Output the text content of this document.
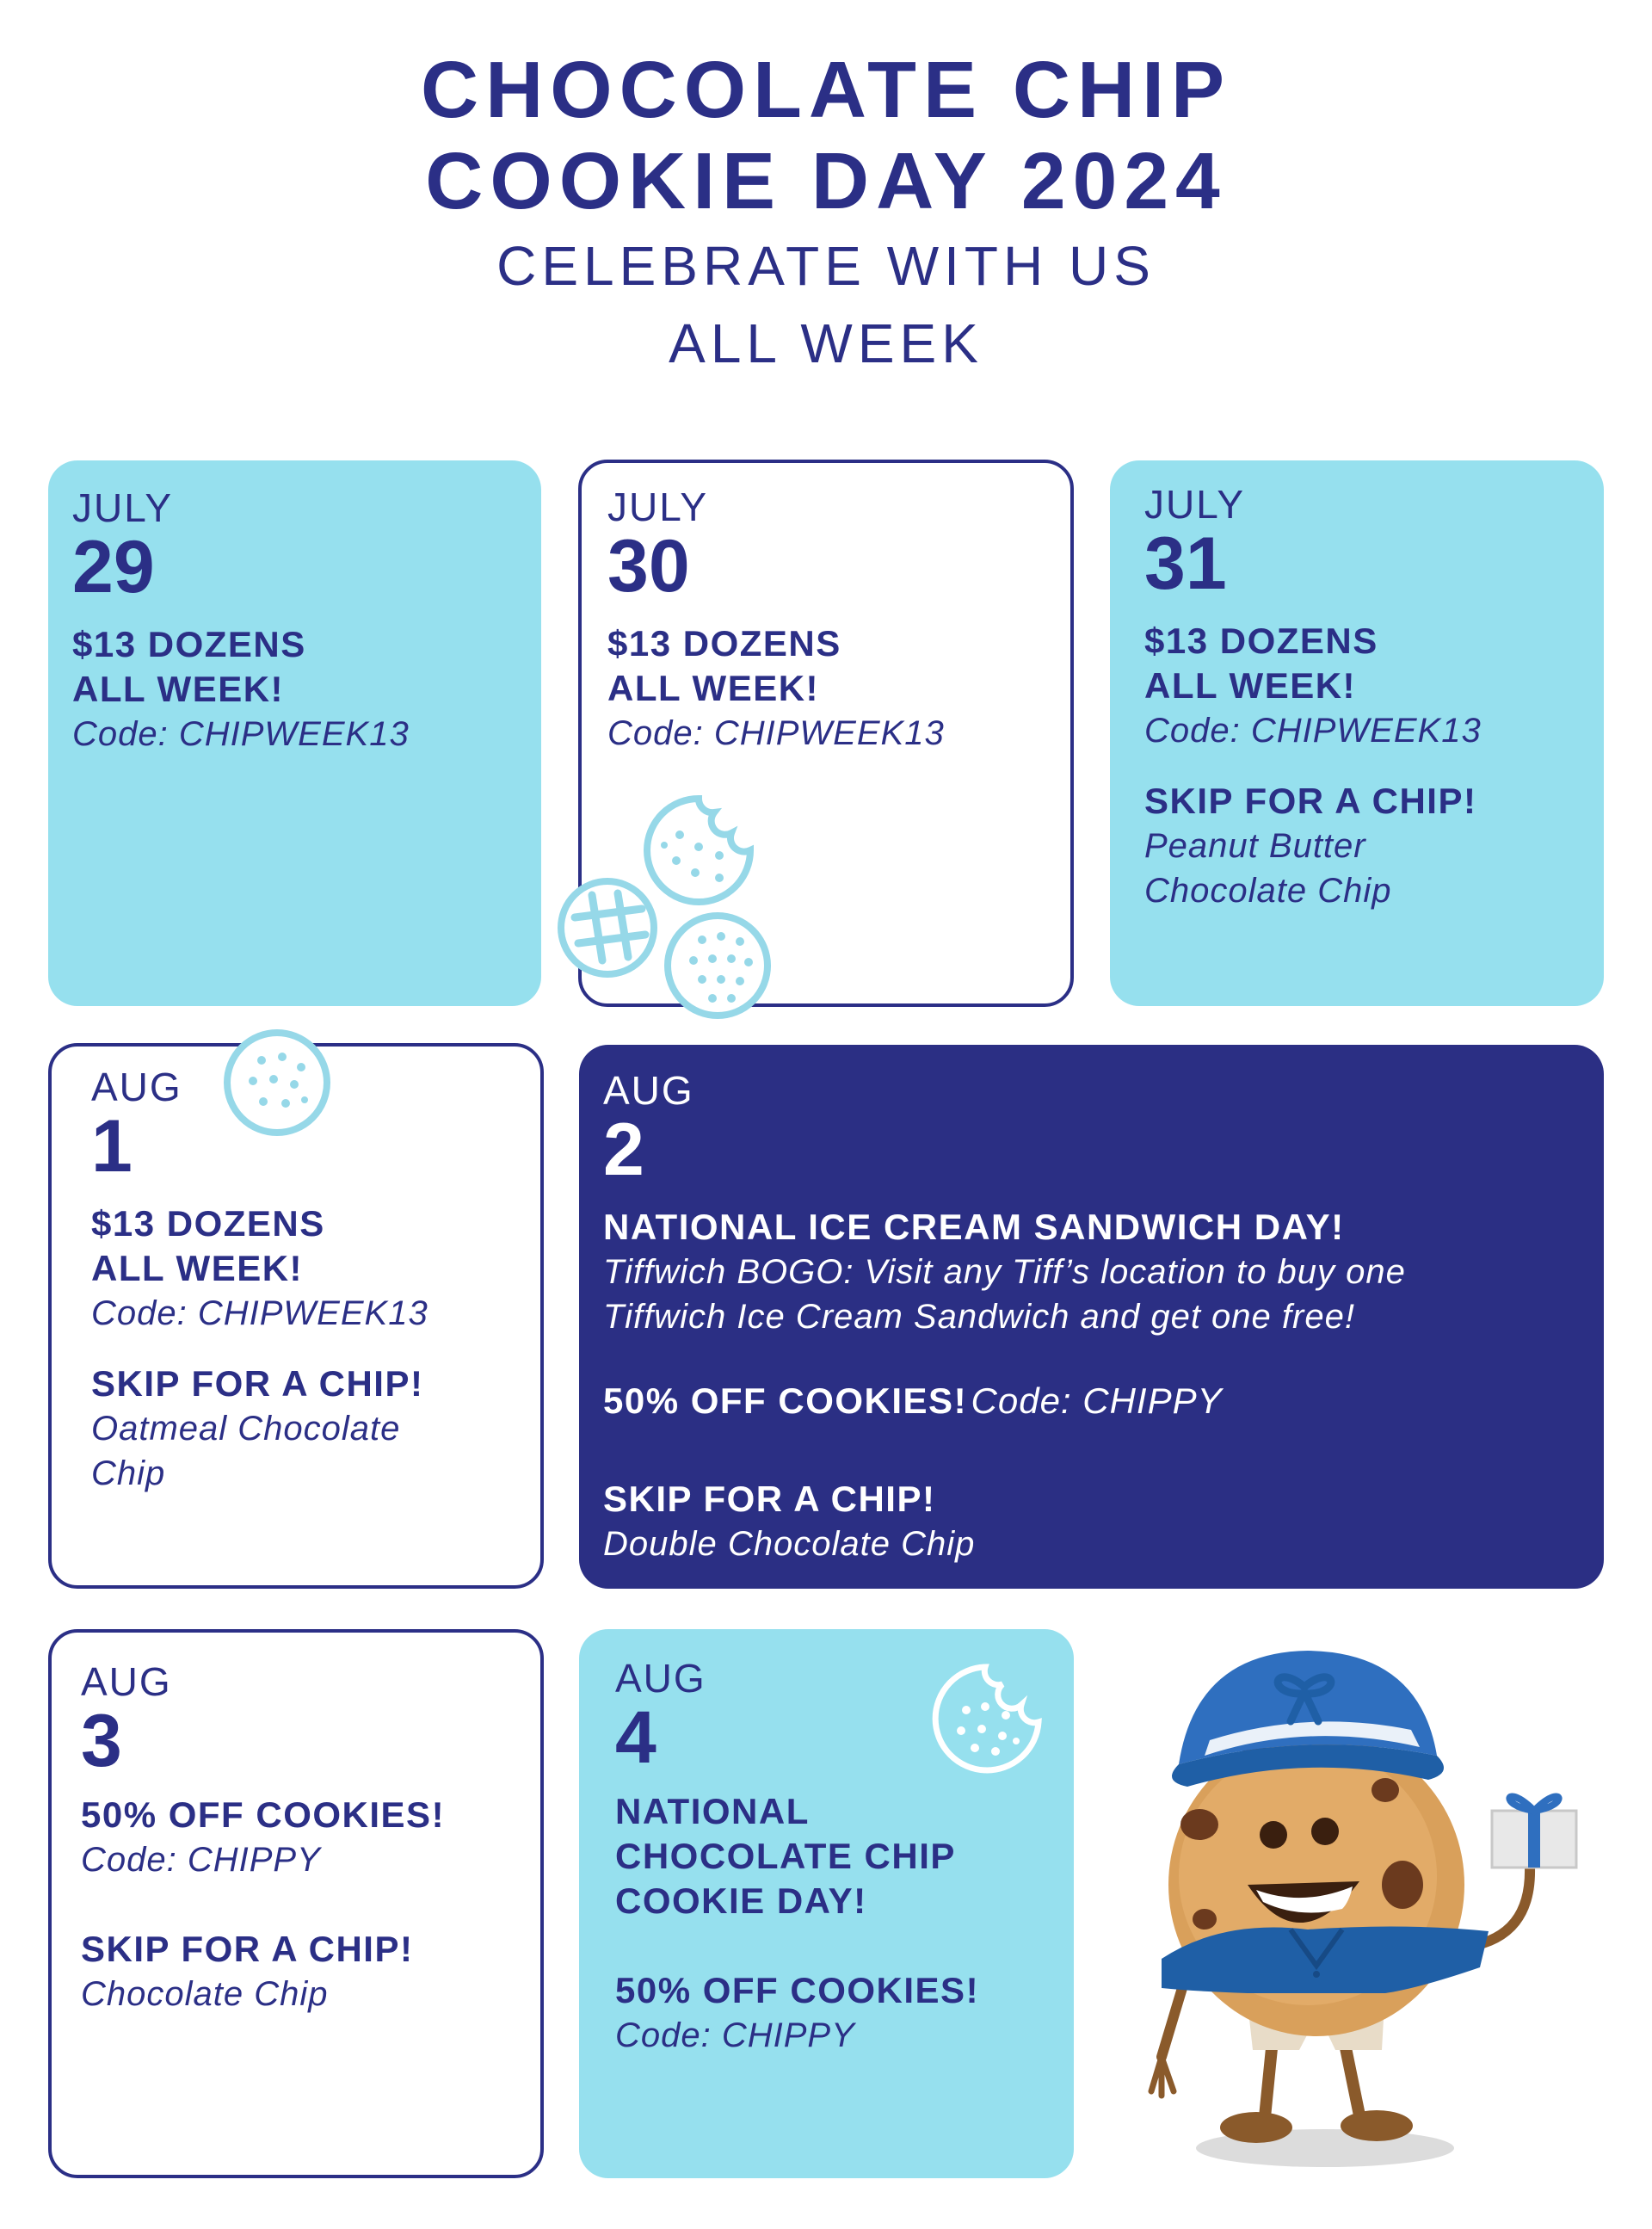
CHOCOLATE CHIP
COOKIE DAY 2024
CELEBRATE WITH US
ALL WEEK
JULY
29
$13 DOZENS
ALL WEEK!
Code: CHIPWEEK13
JULY
30
$13 DOZENS
ALL WEEK!
Code: CHIPWEEK13
JULY
31
$13 DOZENS
ALL WEEK!
Code: CHIPWEEK13
SKIP FOR A CHIP!
Peanut Butter
Chocolate Chip
AUG
1
$13 DOZENS
ALL WEEK!
Code: CHIPWEEK13
SKIP FOR A CHIP!
Oatmeal Chocolate
Chip
AUG
2
NATIONAL ICE CREAM SANDWICH DAY!
Tiffwich BOGO: Visit any Tiff’s location to buy one
Tiffwich Ice Cream Sandwich and get one free!
50% OFF COOKIES! Code: CHIPPY
SKIP FOR A CHIP!
Double Chocolate Chip
AUG
3
50% OFF COOKIES!
Code: CHIPPY
SKIP FOR A CHIP!
Chocolate Chip
AUG
4
NATIONAL
CHOCOLATE CHIP
COOKIE DAY!
50% OFF COOKIES!
Code: CHIPPY
